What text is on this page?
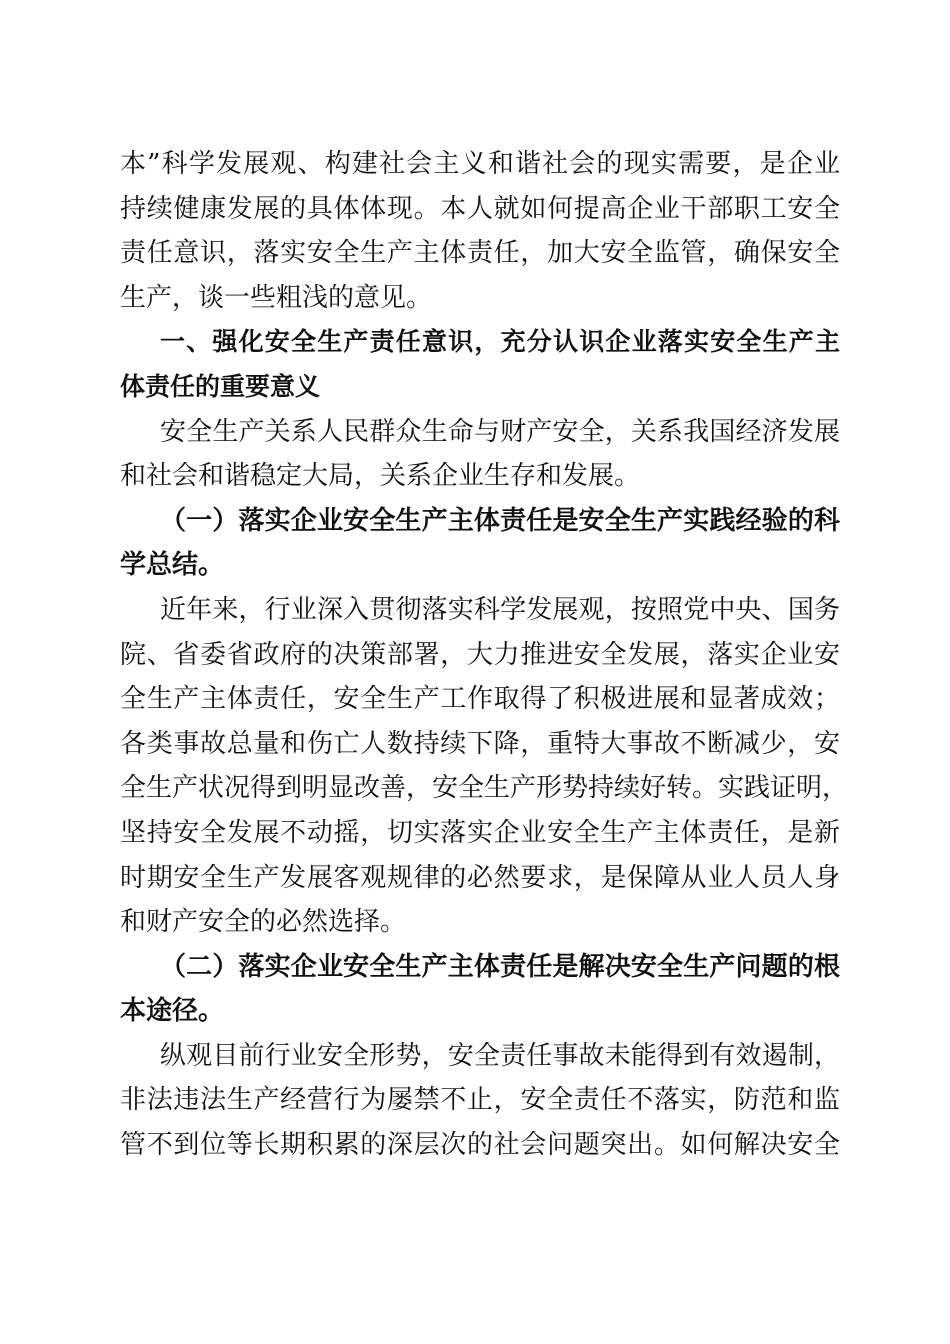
本”科学发展观、构建社会主义和谐社会的现实需要，是企业
持续健康发展的具体体现。本人就如何提高企业干部职工安全
责任意识，落实安全生产主体责任，加大安全监管，确保安全
生产，谈一些粗浅的意见。
一、强化安全生产责任意识，充分认识企业落实安全生产主
体责任的重要意义
安全生产关系人民群众生命与财产安全，关系我国经济发展
和社会和谐稳定大局，关系企业生存和发展。
（一）落实企业安全生产主体责任是安全生产实践经验的科
学总结。
近年来，行业深入贯彻落实科学发展观，按照党中央、国务
院、省委省政府的决策部署，大力推进安全发展，落实企业安
全生产主体责任，安全生产工作取得了积极进展和显著成效；
各类事故总量和伤亡人数持续下降，重特大事故不断减少，安
全生产状况得到明显改善，安全生产形势持续好转。实践证明，
坚持安全发展不动摇，切实落实企业安全生产主体责任，是新
时期安全生产发展客观规律的必然要求，是保障从业人员人身
和财产安全的必然选择。
（二）落实企业安全生产主体责任是解决安全生产问题的根
本途径。
纵观目前行业安全形势，安全责任事故未能得到有效遏制，
非法违法生产经营行为屡禁不止，安全责任不落实，防范和监
管不到位等长期积累的深层次的社会问题突出。如何解决安全
